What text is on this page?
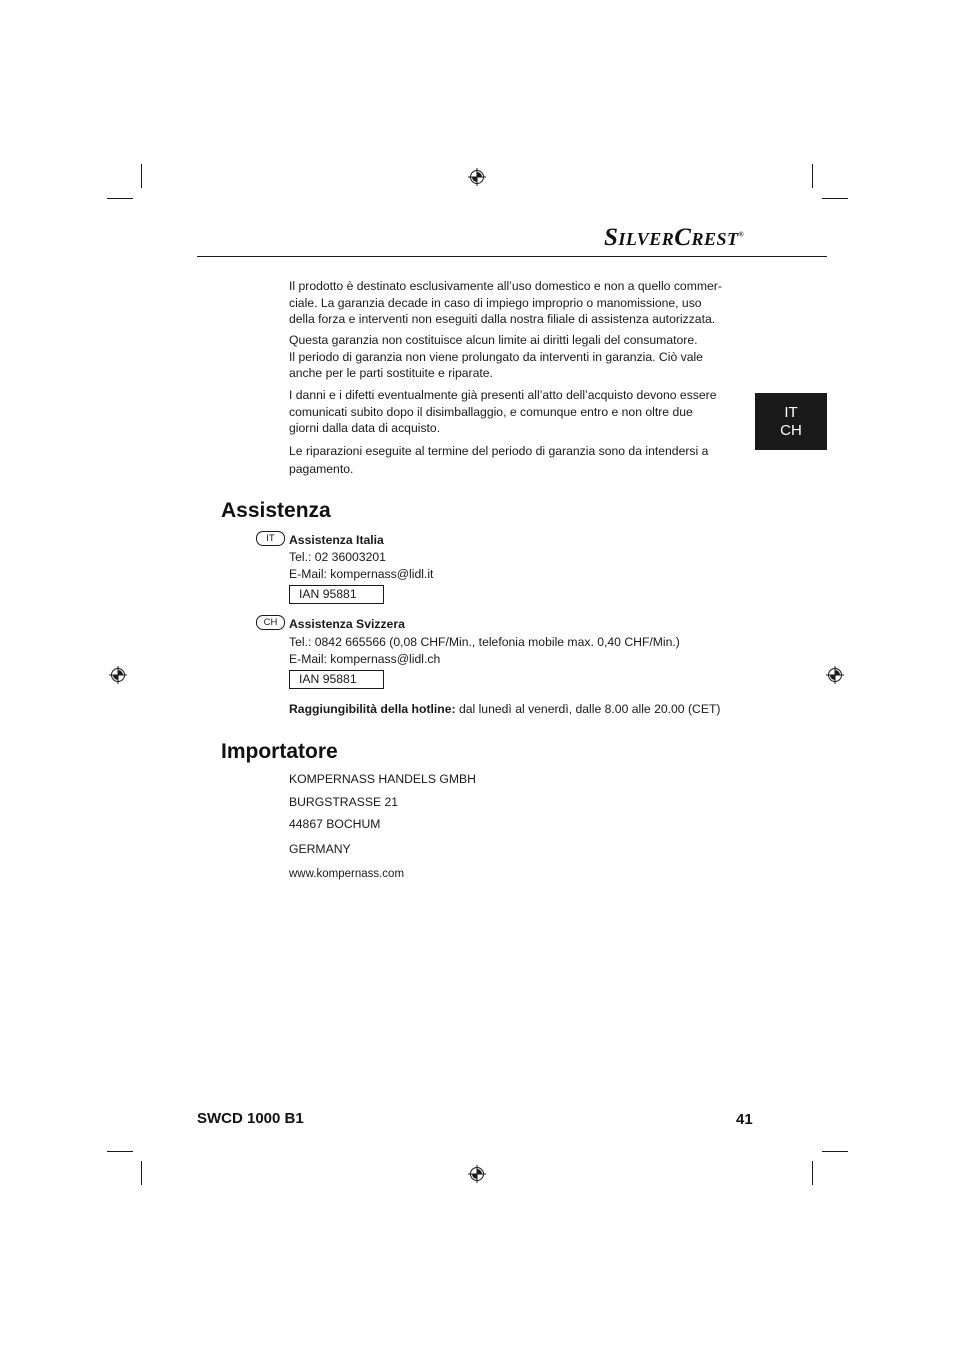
SILVERCREST®
IT
CH
Il prodotto è destinato esclusivamente all’uso domestico e non a quello commer-
ciale. La garanzia decade in caso di impiego improprio o manomissione, uso
della forza e interventi non eseguiti dalla nostra filiale di assistenza autorizzata.
Questa garanzia non costituisce alcun limite ai diritti legali del consumatore.
Il periodo di garanzia non viene prolungato da interventi in garanzia. Ciò vale
anche per le parti sostituite e riparate.
I danni e i difetti eventualmente già presenti all’atto dell’acquisto devono essere
comunicati subito dopo il disimballaggio, e comunque entro e non oltre due
giorni dalla data di acquisto.
Le riparazioni eseguite al termine del periodo di garanzia sono da intendersi a
pagamento.
Assistenza
IT	Assistenza Italia
Tel.: 02 36003201
E-Mail: kompernass@lidl.it
IAN 95881
CH Assistenza Svizzera
Tel.: 0842 665566 (0,08 CHF/Min., telefonia mobile max. 0,40 CHF/Min.)
E-Mail: kompernass@lidl.ch
IAN 95881
Raggiungibilità della hotline: dal lunedì al venerdì, dalle 8.00 alle 20.00 (CET)
Importatore
KOMPERNASS HANDELS GMBH
BURGSTRASSE 21
44867 BOCHUM
GERMANY
www.kompernass.com
SWCD 1000 B1	41
